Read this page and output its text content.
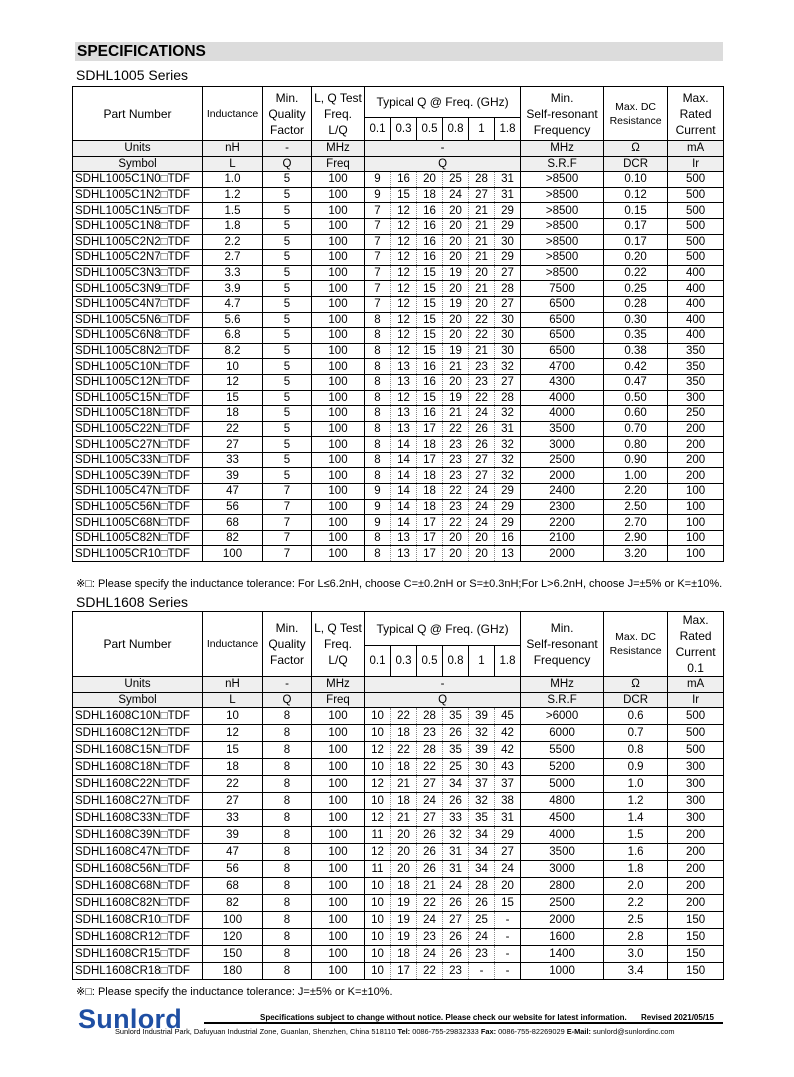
SPECIFICATIONS
SDHL1005 Series
Part Number	Inductance	Min.
Quality
Factor	L, Q Test
Freq.
L/Q	Typical Q @ Freq. (GHz)						Min.
Self-resonant
Frequency	Max. DC
Resistance	Max.
Rated
Current
				0.1	0.3	0.5	0.8	1	1.8			
Units	nH	-	MHz	-						MHz	Ω	mA
Symbol	L	Q	Freq	Q						S.R.F	DCR	Ir
SDHL1005C1N0□TDF	1.0	5	100	9	16	20	25	28	31	>8500	0.10	500
SDHL1005C1N2□TDF	1.2	5	100	9	15	18	24	27	31	>8500	0.12	500
SDHL1005C1N5□TDF	1.5	5	100	7	12	16	20	21	29	>8500	0.15	500
SDHL1005C1N8□TDF	1.8	5	100	7	12	16	20	21	29	>8500	0.17	500
SDHL1005C2N2□TDF	2.2	5	100	7	12	16	20	21	30	>8500	0.17	500
SDHL1005C2N7□TDF	2.7	5	100	7	12	16	20	21	29	>8500	0.20	500
SDHL1005C3N3□TDF	3.3	5	100	7	12	15	19	20	27	>8500	0.22	400
SDHL1005C3N9□TDF	3.9	5	100	7	12	15	20	21	28	7500	0.25	400
SDHL1005C4N7□TDF	4.7	5	100	7	12	15	19	20	27	6500	0.28	400
SDHL1005C5N6□TDF	5.6	5	100	8	12	15	20	22	30	6500	0.30	400
SDHL1005C6N8□TDF	6.8	5	100	8	12	15	20	22	30	6500	0.35	400
SDHL1005C8N2□TDF	8.2	5	100	8	12	15	19	21	30	6500	0.38	350
SDHL1005C10N□TDF	10	5	100	8	13	16	21	23	32	4700	0.42	350
SDHL1005C12N□TDF	12	5	100	8	13	16	20	23	27	4300	0.47	350
SDHL1005C15N□TDF	15	5	100	8	12	15	19	22	28	4000	0.50	300
SDHL1005C18N□TDF	18	5	100	8	13	16	21	24	32	4000	0.60	250
SDHL1005C22N□TDF	22	5	100	8	13	17	22	26	31	3500	0.70	200
SDHL1005C27N□TDF	27	5	100	8	14	18	23	26	32	3000	0.80	200
SDHL1005C33N□TDF	33	5	100	8	14	17	23	27	32	2500	0.90	200
SDHL1005C39N□TDF	39	5	100	8	14	18	23	27	32	2000	1.00	200
SDHL1005C47N□TDF	47	7	100	9	14	18	22	24	29	2400	2.20	100
SDHL1005C56N□TDF	56	7	100	9	14	18	23	24	29	2300	2.50	100
SDHL1005C68N□TDF	68	7	100	9	14	17	22	24	29	2200	2.70	100
SDHL1005C82N□TDF	82	7	100	8	13	17	20	20	16	2100	2.90	100
SDHL1005CR10□TDF	100	7	100	8	13	17	20	20	13	2000	3.20	100
※□: Please specify the inductance tolerance: For L≤6.2nH, choose C=±0.2nH or S=±0.3nH;For L>6.2nH, choose J=±5% or K=±10%.
SDHL1608 Series
Part Number	Inductance	Min.
Quality
Factor	L, Q Test
Freq.
L/Q	Typical Q @ Freq. (GHz)						Min.
Self-resonant
Frequency	Max. DC
Resistance	Max.
Rated
Current
0.1
				0.1	0.3	0.5	0.8	1	1.8			
Units	nH	-	MHz	-						MHz	Ω	mA
Symbol	L	Q	Freq	Q						S.R.F	DCR	Ir
SDHL1608C10N□TDF	10	8	100	10	22	28	35	39	45	>6000	0.6	500
SDHL1608C12N□TDF	12	8	100	10	18	23	26	32	42	6000	0.7	500
SDHL1608C15N□TDF	15	8	100	12	22	28	35	39	42	5500	0.8	500
SDHL1608C18N□TDF	18	8	100	10	18	22	25	30	43	5200	0.9	300
SDHL1608C22N□TDF	22	8	100	12	21	27	34	37	37	5000	1.0	300
SDHL1608C27N□TDF	27	8	100	10	18	24	26	32	38	4800	1.2	300
SDHL1608C33N□TDF	33	8	100	12	21	27	33	35	31	4500	1.4	300
SDHL1608C39N□TDF	39	8	100	11	20	26	32	34	29	4000	1.5	200
SDHL1608C47N□TDF	47	8	100	12	20	26	31	34	27	3500	1.6	200
SDHL1608C56N□TDF	56	8	100	11	20	26	31	34	24	3000	1.8	200
SDHL1608C68N□TDF	68	8	100	10	18	21	24	28	20	2800	2.0	200
SDHL1608C82N□TDF	82	8	100	10	19	22	26	26	15	2500	2.2	200
SDHL1608CR10□TDF	100	8	100	10	19	24	27	25	-	2000	2.5	150
SDHL1608CR12□TDF	120	8	100	10	19	23	26	24	-	1600	2.8	150
SDHL1608CR15□TDF	150	8	100	10	18	24	26	23	-	1400	3.0	150
SDHL1608CR18□TDF	180	8	100	10	17	22	23	-	-	1000	3.4	150
※□: Please specify the inductance tolerance: J=±5% or K=±10%.
Sunlord	Specifications subject to change without notice. Please check our website for latest information. Revised 2021/05/15
Sunlord Industrial Park, Dafuyuan Industrial Zone, Guanlan, Shenzhen, China 518110 Tel: 0086-755-29832333 Fax: 0086-755-82269029 E-Mail: sunlord@sunlordinc.com
